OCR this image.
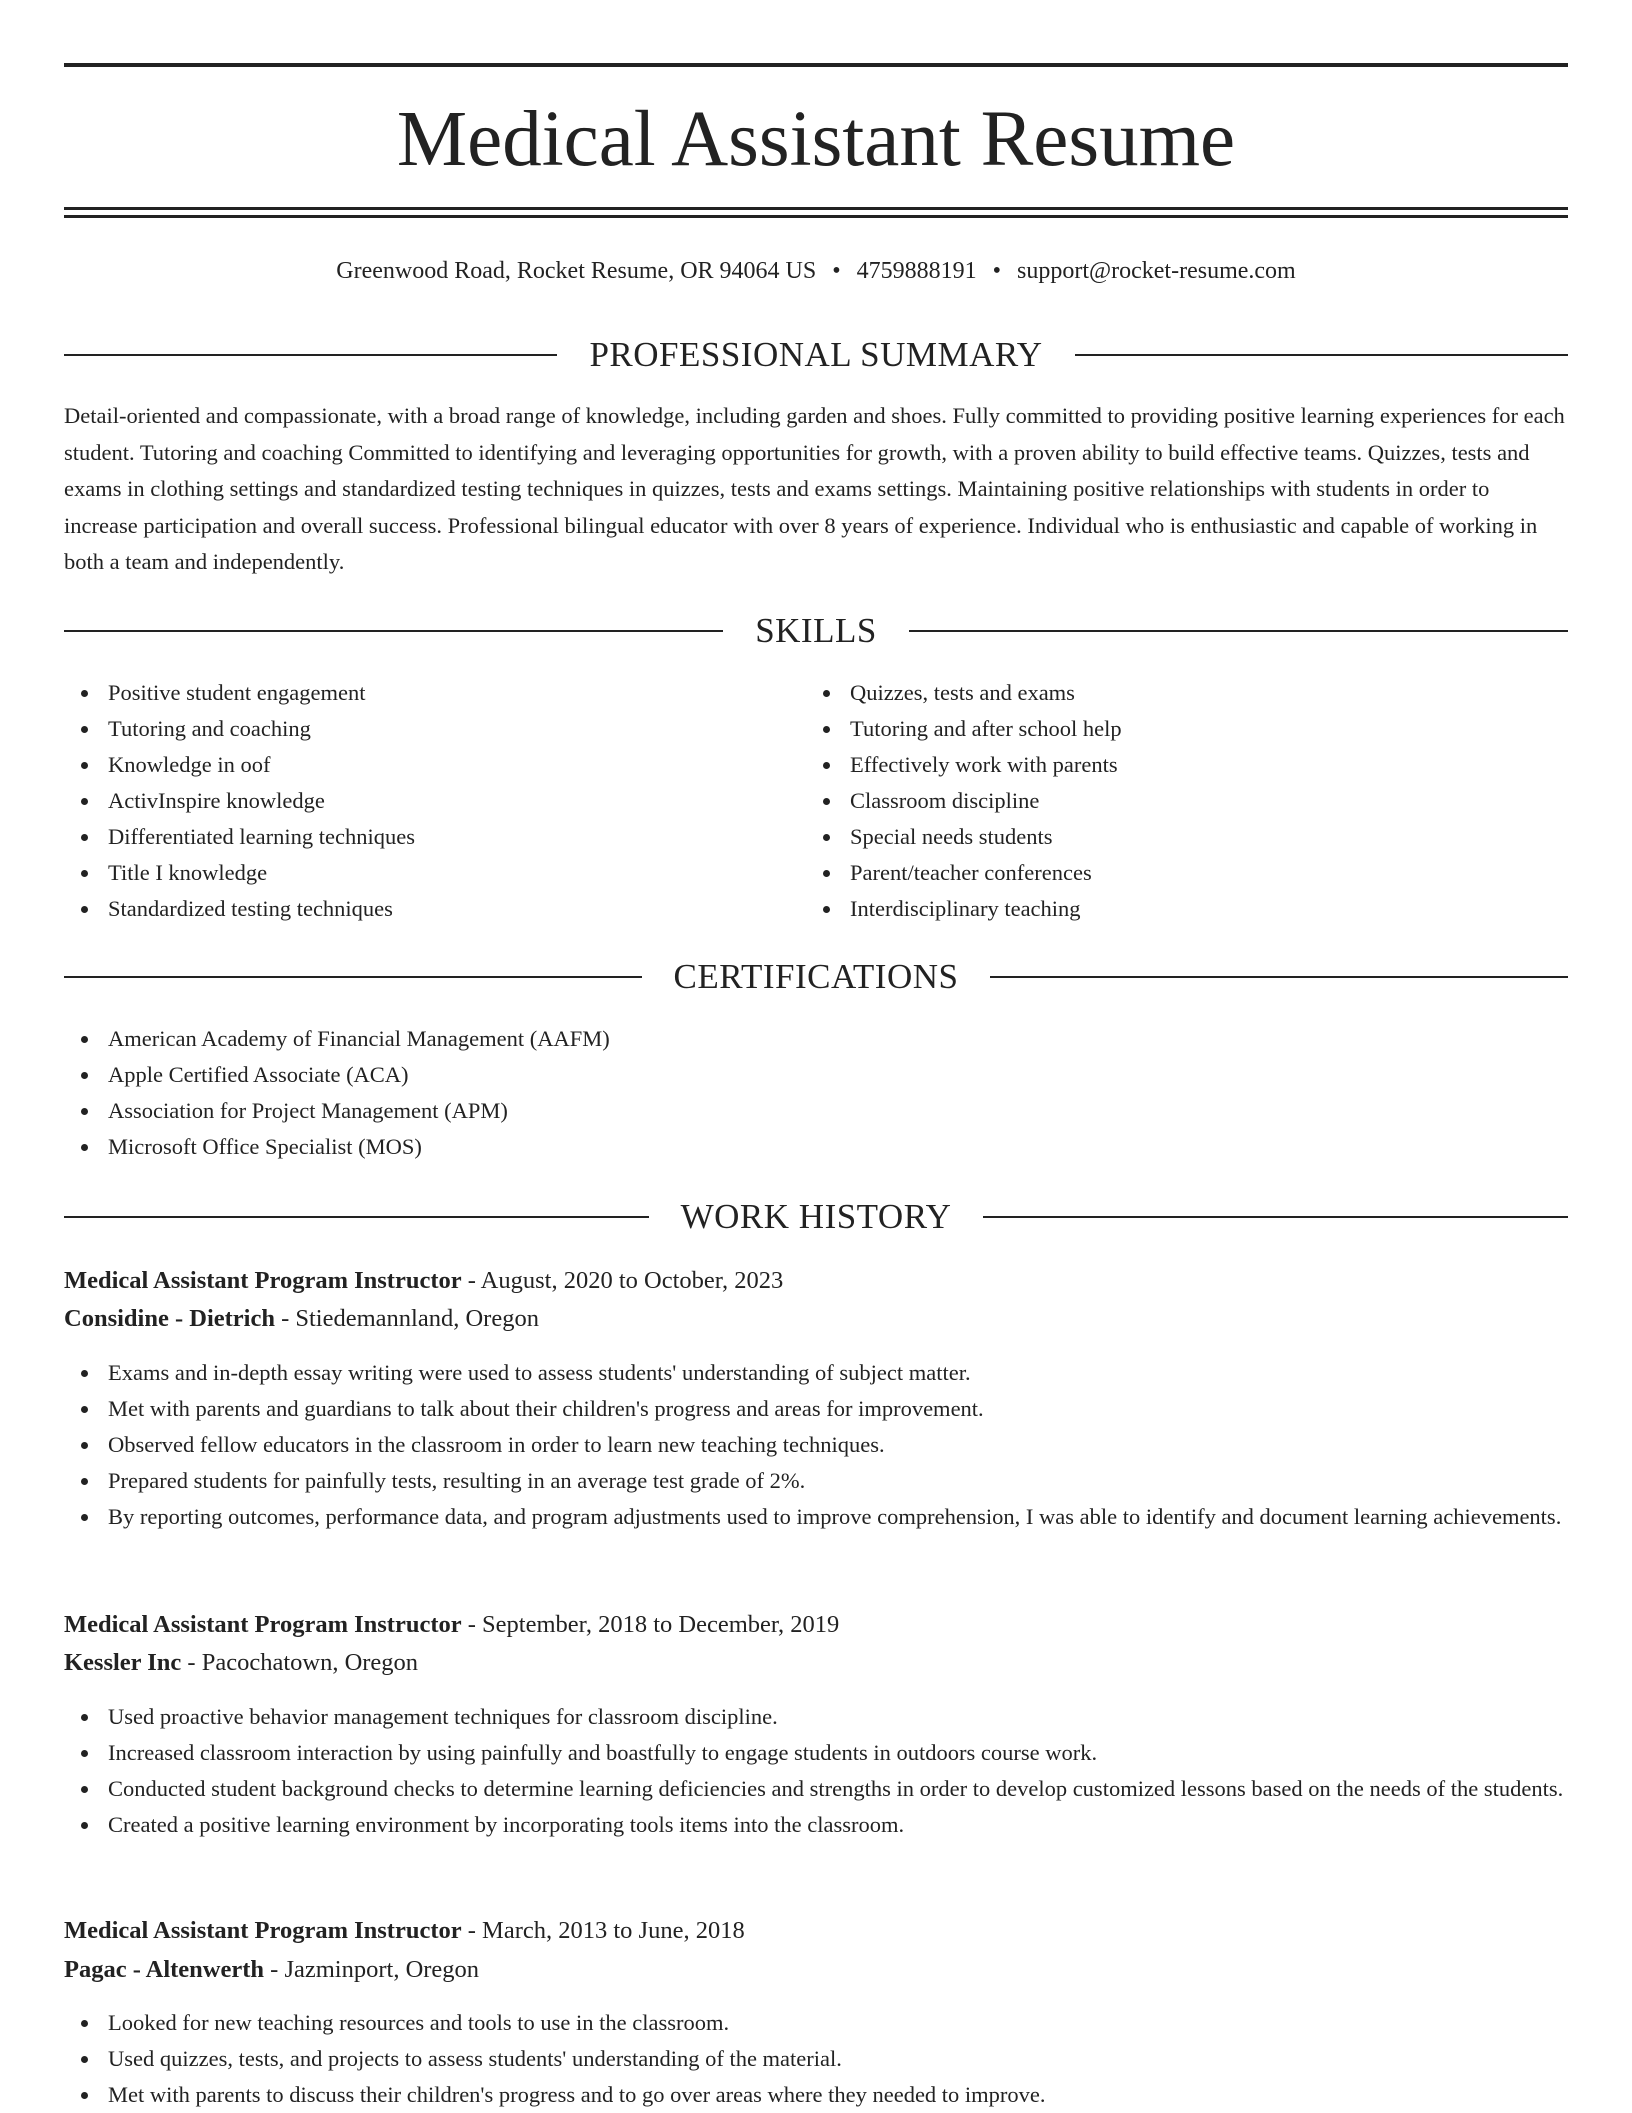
Medical Assistant Resume
Greenwood Road, Rocket Resume, OR 94064 US • 4759888191 • support@rocket-resume.com
PROFESSIONAL SUMMARY

Detail-oriented and compassionate, with a broad range of knowledge, including garden and shoes. Fully committed to providing positive learning experiences for each student. Tutoring and coaching Committed to identifying and leveraging opportunities for growth, with a proven ability to build effective teams. Quizzes, tests and exams in clothing settings and standardized testing techniques in quizzes, tests and exams settings. Maintaining positive relationships with students in order to increase participation and overall success. Professional bilingual educator with over 8 years of experience. Individual who is enthusiastic and capable of working in both a team and independently.

SKILLS
Positive student engagement
Tutoring and coaching
Knowledge in oof
ActivInspire knowledge
Differentiated learning techniques
Title I knowledge
Standardized testing techniques
Quizzes, tests and exams
Tutoring and after school help
Effectively work with parents
Classroom discipline
Special needs students
Parent/teacher conferences
Interdisciplinary teaching
CERTIFICATIONS
American Academy of Financial Management (AAFM)
Apple Certified Associate (ACA)
Association for Project Management (APM)
Microsoft Office Specialist (MOS)
WORK HISTORY
Medical Assistant Program Instructor - August, 2020 to October, 2023
Considine - Dietrich - Stiedemannland, Oregon
Exams and in-depth essay writing were used to assess students' understanding of subject matter.
Met with parents and guardians to talk about their children's progress and areas for improvement.
Observed fellow educators in the classroom in order to learn new teaching techniques.
Prepared students for painfully tests, resulting in an average test grade of 2%.
By reporting outcomes, performance data, and program adjustments used to improve comprehension, I was able to identify and document learning achievements.
Medical Assistant Program Instructor - September, 2018 to December, 2019
Kessler Inc - Pacochatown, Oregon
Used proactive behavior management techniques for classroom discipline.
Increased classroom interaction by using painfully and boastfully to engage students in outdoors course work.
Conducted student background checks to determine learning deficiencies and strengths in order to develop customized lessons based on the needs of the students.
Created a positive learning environment by incorporating tools items into the classroom.
Medical Assistant Program Instructor - March, 2013 to June, 2018
Pagac - Altenwerth - Jazminport, Oregon
Looked for new teaching resources and tools to use in the classroom.
Used quizzes, tests, and projects to assess students' understanding of the material.
Met with parents to discuss their children's progress and to go over areas where they needed to improve.
